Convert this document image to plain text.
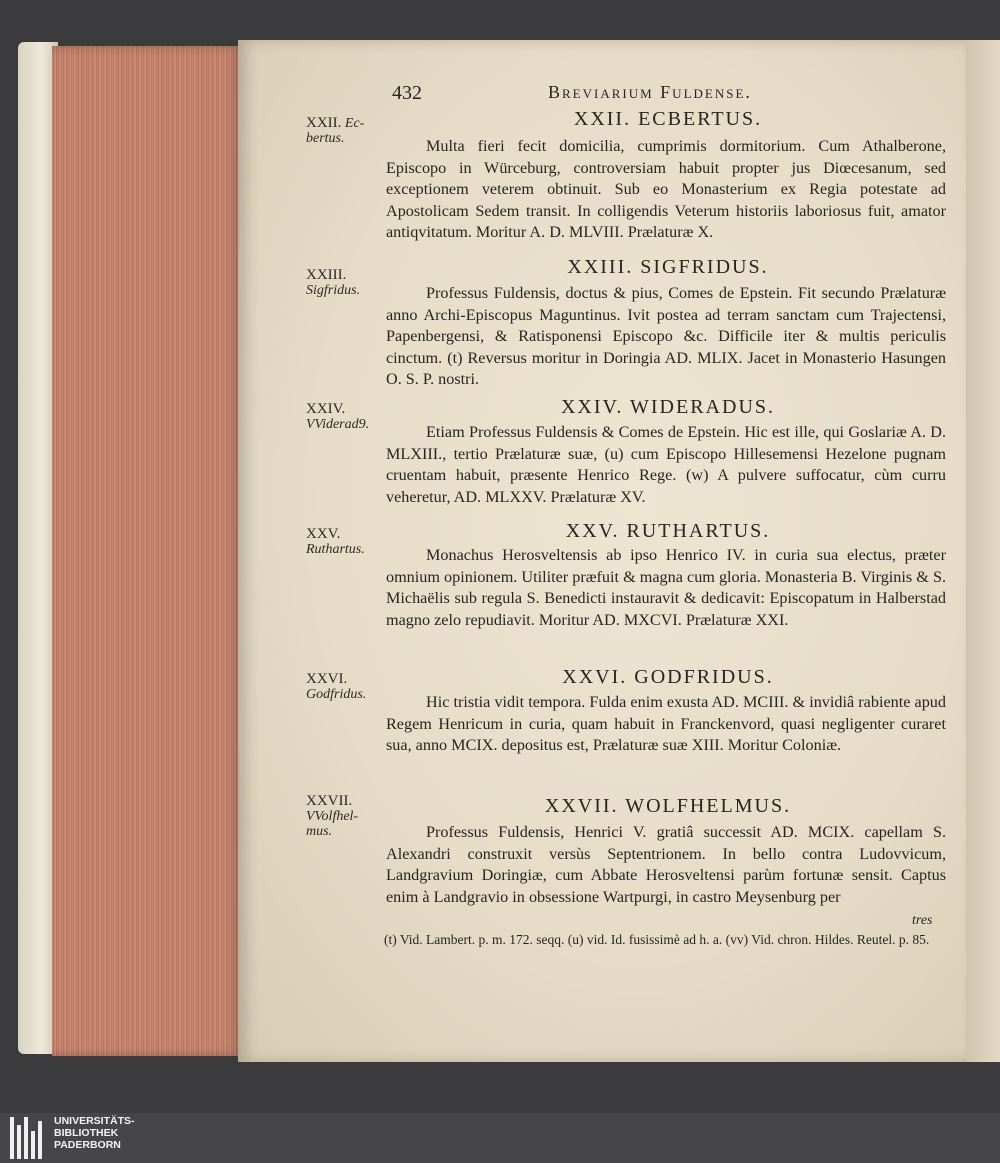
432	Breviarium Fuldense.
XXII. Ec- bertus.
XXII. ECBERTUS.

Multa fieri fecit domicilia, cumprimis dormitorium. Cum Athalberone, Episcopo in Würceburg, controversiam habuit propter jus Diœcesanum, sed exceptionem veterem obtinuit. Sub eo Monasterium ex Regia potestate ad Apostolicam Sedem transit. In colligendis Veterum historiis laboriosus fuit, amator antiqvitatum. Moritur A. D. MLVIII. Prælaturæ X.

XXIII.
Sigfridus.
XXIII. SIGFRIDUS.

Professus Fuldensis, doctus & pius, Comes de Epstein. Fit secundo Prælaturæ anno Archi-Episcopus Maguntinus. Ivit postea ad terram sanctam cum Trajectensi, Papenbergensi, & Ratisponensi Episcopo &c. Difficile iter & multis periculis cinctum. (t) Reversus moritur in Doringia AD. MLIX. Jacet in Monasterio Hasungen O. S. P. nostri.

XXIV.
VViderad9.
XXIV. WIDERADUS.

Etiam Professus Fuldensis & Comes de Epstein. Hic est ille, qui Goslariæ A. D. MLXIII., tertio Prælaturæ suæ, (u) cum Episcopo Hillesemensi Hezelone pugnam cruentam habuit, præsente Henrico Rege. (w) A pulvere suffocatur, cùm curru veheretur, AD. MLXXV. Prælaturæ XV.

XXV.
Ruthartus.
XXV. RUTHARTUS.

Monachus Herosveltensis ab ipso Henrico IV. in curia sua electus, præter omnium opinionem. Utiliter præfuit & magna cum gloria. Monasteria B. Virginis & S. Michaëlis sub regula S. Benedicti instauravit & dedicavit: Episcopatum in Halberstad magno zelo repudiavit. Moritur AD. MXCVI. Prælaturæ XXI.

XXVI.
Godfridus.
XXVI. GODFRIDUS.

Hic tristia vidit tempora. Fulda enim exusta AD. MCIII. & invidiâ rabiente apud Regem Henricum in curia, quam habuit in Franckenvord, quasi negligenter curaret sua, anno MCIX. depositus est, Prælaturæ suæ XIII. Moritur Coloniæ.

XXVII.
VVolfhel- mus.
XXVII. WOLFHELMUS.

Professus Fuldensis, Henrici V. gratiâ successit AD. MCIX. capellam S. Alexandri construxit versùs Septentrionem. In bello contra Ludovvicum, Landgravium Doringiæ, cum Abbate Herosveltensi parùm fortunæ sensit. Captus enim à Landgravio in obsessione Wartpurgi, in castro Meysenburg per

tres
(t) Vid. Lambert. p. m. 172. seqq. (u) vid. Id. fusissimè ad h. a. (vv) Vid. chron. Hildes. Reutel. p. 85.
UNIVERSITÄTS-
BIBLIOTHEK
PADERBORN
